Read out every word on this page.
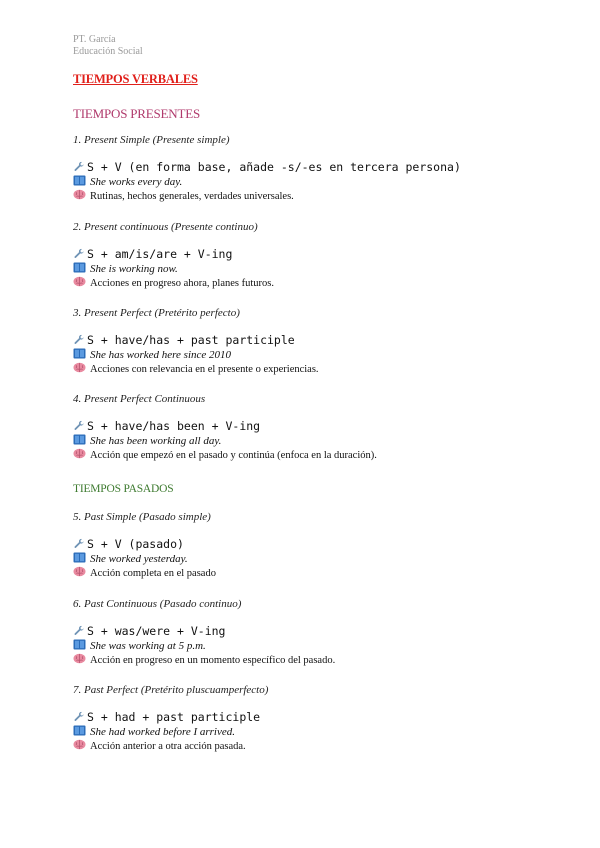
PT. García
Educación Social
TIEMPOS VERBALES
TIEMPOS PRESENTES
1. Present Simple (Presente simple)
S + V (en forma base, añade -s/-es en tercera persona)
She works every day.
Rutinas, hechos generales, verdades universales.
2. Present continuous (Presente continuo)
S + am/is/are + V-ing
She is working now.
Acciones en progreso ahora, planes futuros.
3. Present Perfect (Pretérito perfecto)
S + have/has + past participle
She has worked here since 2010
Acciones con relevancia en el presente o experiencias.
4. Present Perfect Continuous
S + have/has been + V-ing
She has been working all day.
Acción que empezó en el pasado y continúa (enfoca en la duración).
TIEMPOS PASADOS
5. Past Simple (Pasado simple)
S + V (pasado)
She worked yesterday.
Acción completa en el pasado
6. Past Continuous (Pasado continuo)
S + was/were + V-ing
She was working at 5 p.m.
Acción en progreso en un momento específico del pasado.
7. Past Perfect (Pretérito pluscuamperfecto)
S + had + past participle
She had worked before I arrived.
Acción anterior a otra acción pasada.
